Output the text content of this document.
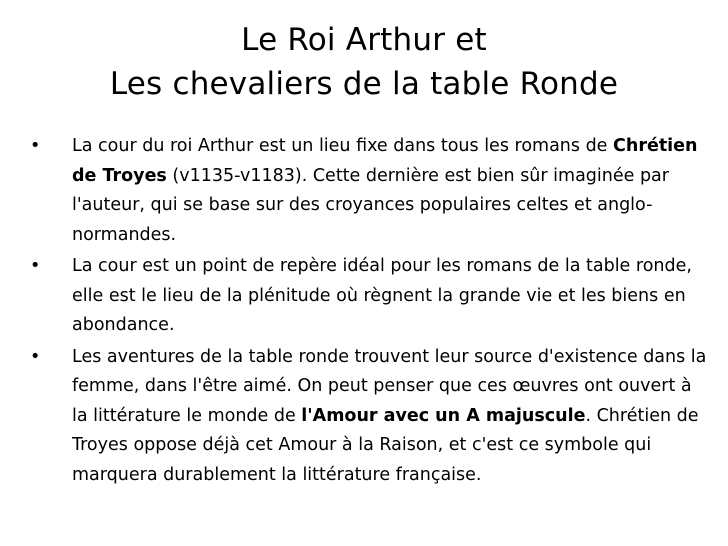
Le Roi Arthur et
Les chevaliers de la table Ronde
• La cour du roi Arthur est un lieu fixe dans tous les romans de Chrétien de Troyes (v1135-v1183). Cette dernière est bien sûr imaginée par l'auteur, qui se base sur des croyances populaires celtes et anglo-normandes.
• La cour est un point de repère idéal pour les romans de la table ronde, elle est le lieu de la plénitude où règnent la grande vie et les biens en abondance.
• Les aventures de la table ronde trouvent leur source d'existence dans la femme, dans l'être aimé. On peut penser que ces œuvres ont ouvert à la littérature le monde de l'Amour avec un A majuscule. Chrétien de Troyes oppose déjà cet Amour à la Raison, et c'est ce symbole qui marquera durablement la littérature française.
